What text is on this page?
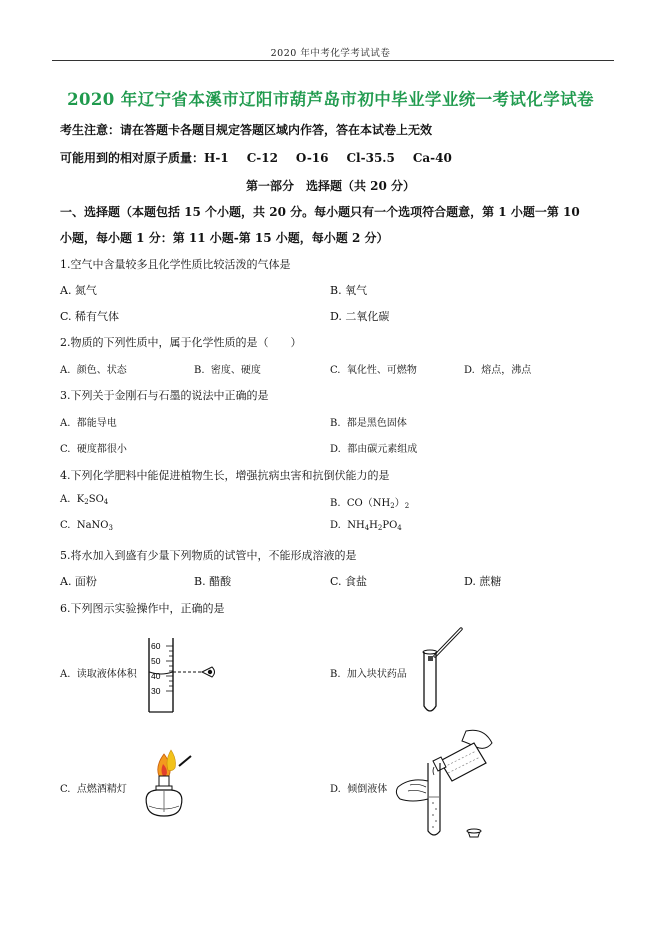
2020 年中考化学考试试卷
2020 年辽宁省本溪市辽阳市葫芦岛市初中毕业学业统一考试化学试卷
考生注意：请在答题卡各题目规定答题区域内作答，答在本试卷上无效
可能用到的相对原子质量：H-1 C-12 O-16 Cl-35.5 Ca-40
第一部分　选择题（共 20 分）
一、选择题（本题包括 15 个小题，共 20 分。每小题只有一个选项符合题意，第 1 小题一第 10
小题，每小题 1 分：第 11 小题-第 15 小题，每小题 2 分）
1.空气中含量较多且化学性质比较活泼的气体是
A. 氮气	B. 氧气
C. 稀有气体	D. 二氧化碳
2.物质的下列性质中，属于化学性质的是（　　）
A. 颜色、状态	B. 密度、硬度	C. 氧化性、可燃物	D. 熔点，沸点
3.下列关于金刚石与石墨的说法中正确的是
A. 都能导电	B. 都是黑色固体
C. 硬度都很小	D. 都由碳元素组成
4.下列化学肥料中能促进植物生长，增强抗病虫害和抗倒伏能力的是
A. $K_2SO_4$	B. $CO(NH_2)_2$
C. NaNO$_3$	D. $NH_4H_2PO_4$
5.将水加入到盛有少量下列物质的试管中，不能形成溶液的是
A. 面粉	B. 醋酸	C. 食盐	D. 蔗糖
6.下列图示实验操作中，正确的是
A. 读取液体体积	B. 加入块状药品
C. 点燃酒精灯	D. 倾倒液体
60
50
40
30
